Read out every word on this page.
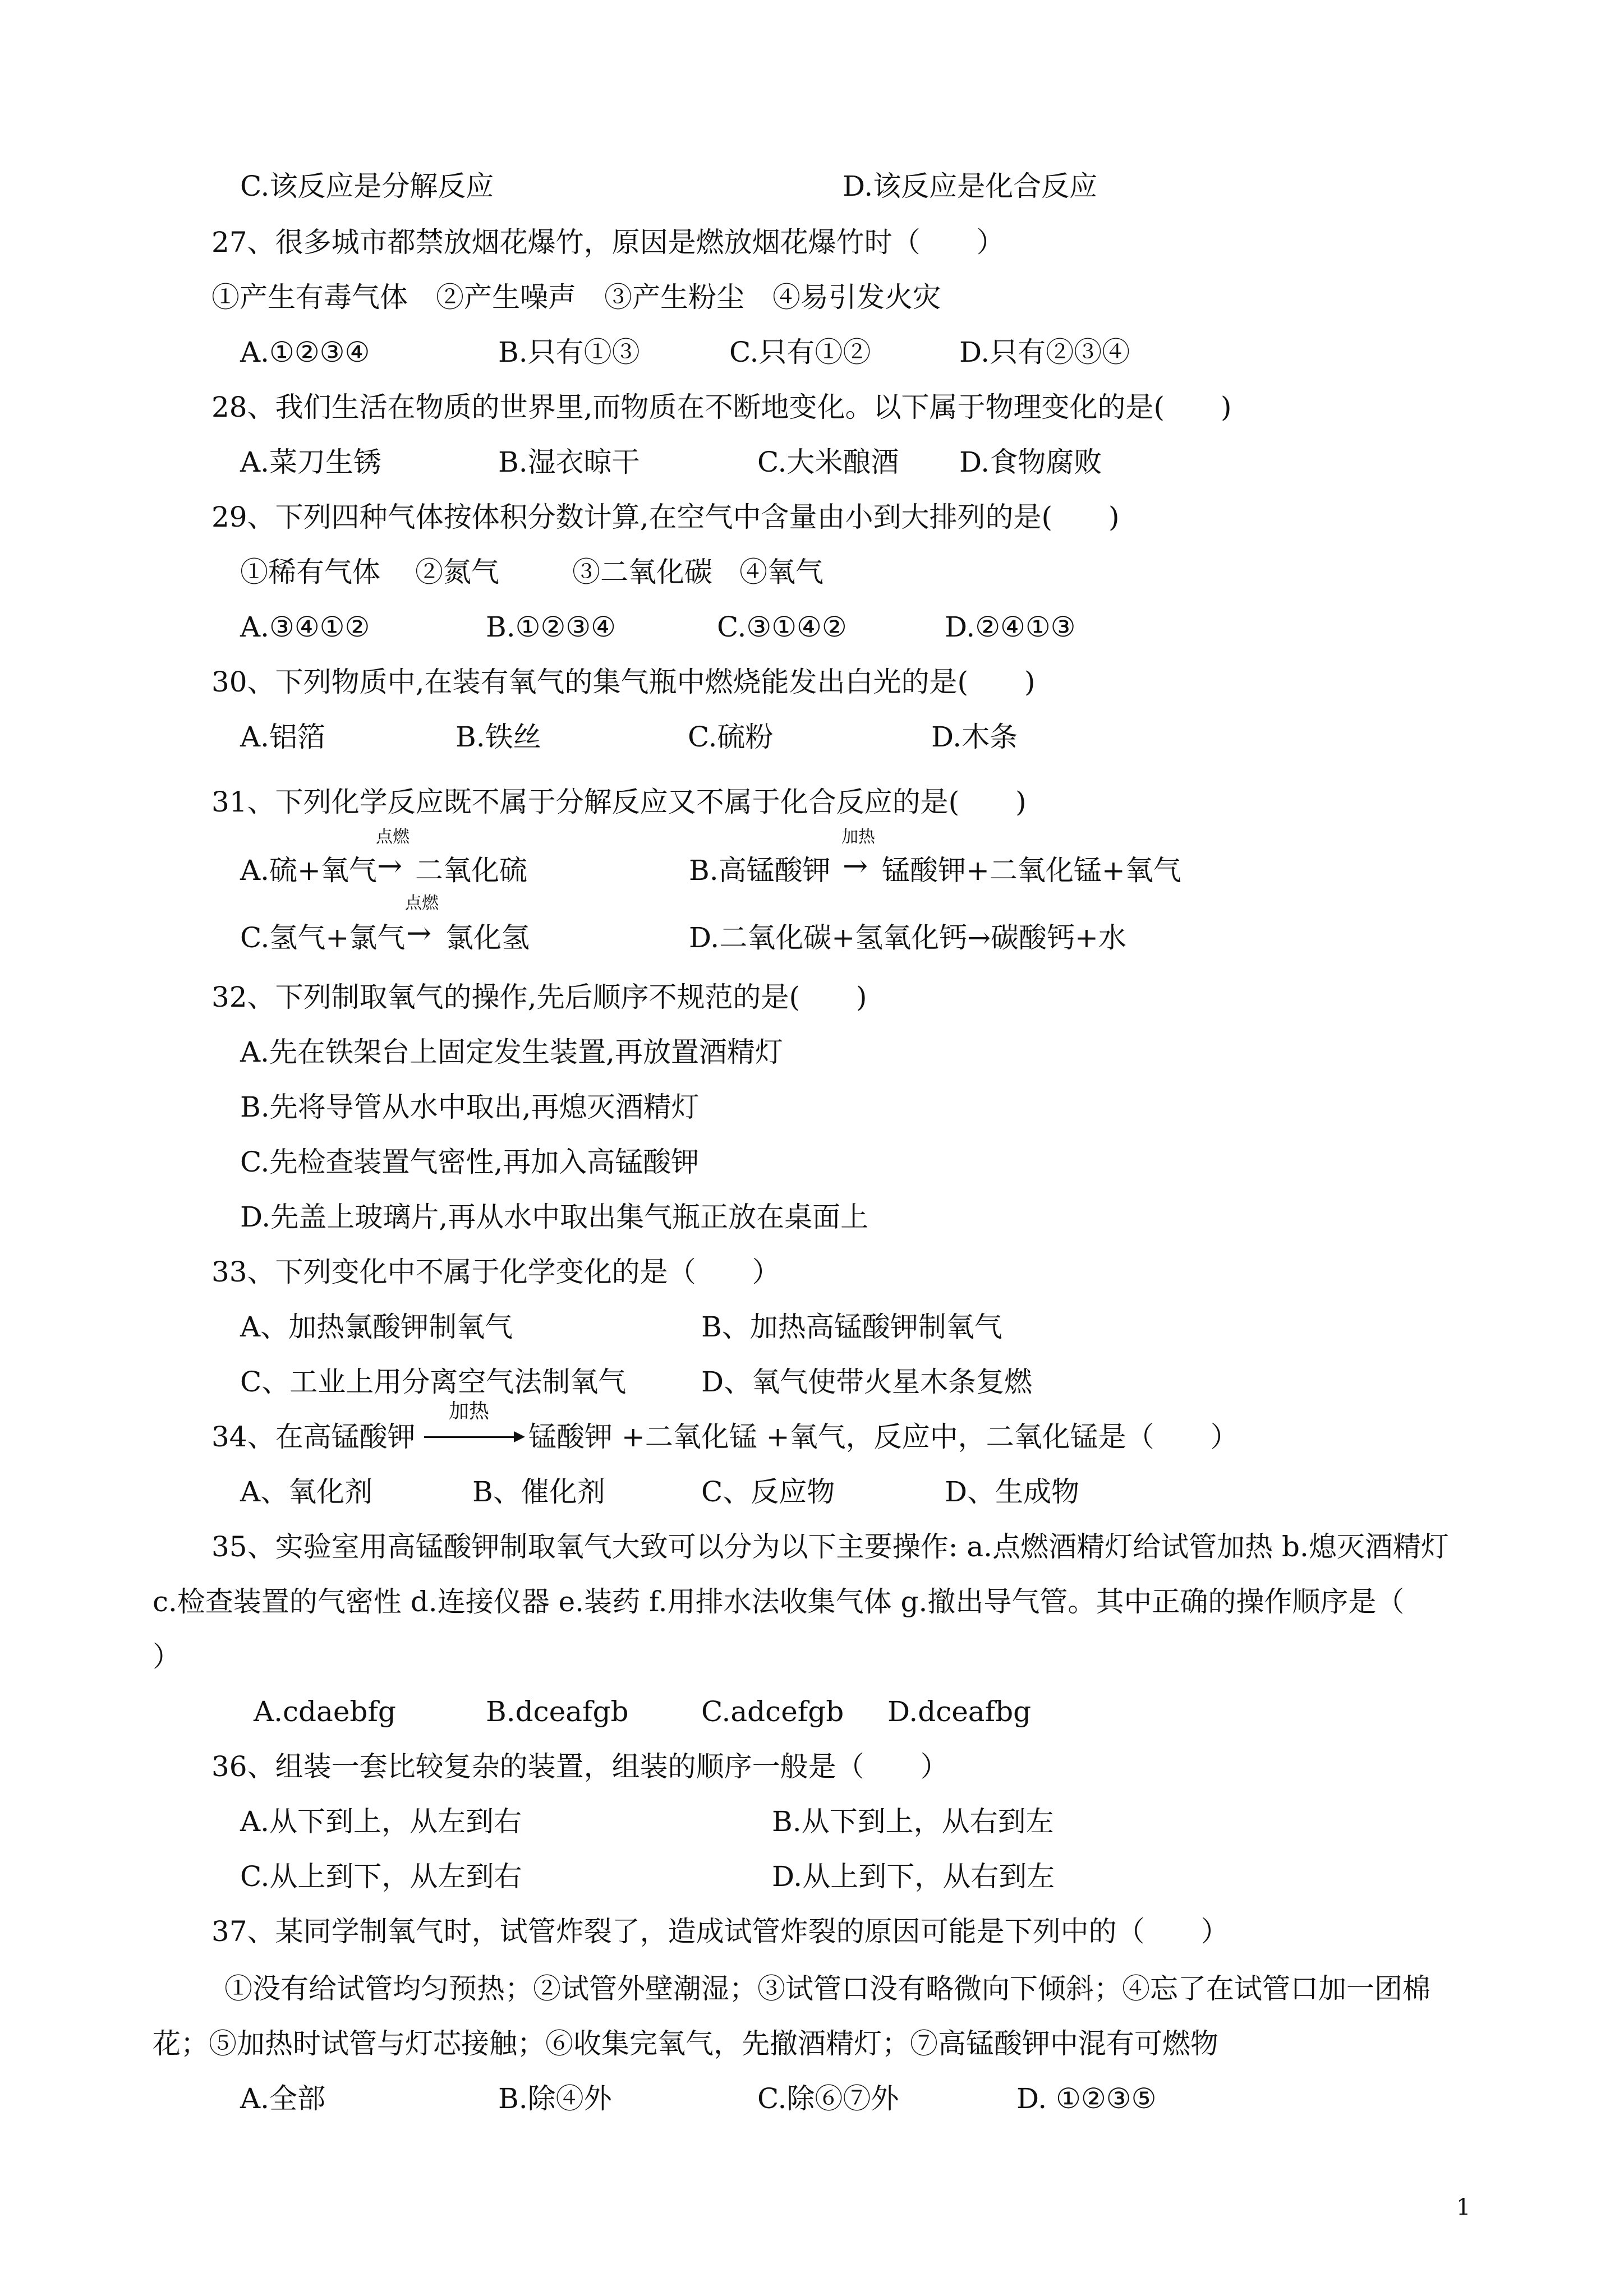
C.该反应是分解反应	D.该反应是化合反应
27、很多城市都禁放烟花爆竹，原因是燃放烟花爆竹时（　　）
①产生有毒气体　②产生噪声　③产生粉尘　④易引发火灾
A.①②③④	B.只有①③	C.只有①②	D.只有②③④
28、我们生活在物质的世界里,而物质在不断地变化。以下属于物理变化的是(　　)
A.菜刀生锈	B.湿衣晾干	C.大米酿酒 D.食物腐败
29、下列四种气体按体积分数计算,在空气中含量由小到大排列的是(　　)
①稀有气体 ②氮气	③二氧化碳 ④氧气
A.③④①②	B.①②③④	C.③①④②	D.②④①③
30、下列物质中,在装有氧气的集气瓶中燃烧能发出白光的是(　　)
A.铝箔	B.铁丝	C.硫粉	D.木条
31、下列化学反应既不属于分解反应又不属于化合反应的是(　　)
A.硫+氧气
点燃
→ 二氧化硫	B.高锰酸钾
加热
→ 锰酸钾+二氧化锰+氧气
C.氢气+氯气
点燃
→ 氯化氢	D.二氧化碳+氢氧化钙→碳酸钙+水
32、下列制取氧气的操作,先后顺序不规范的是(　　)
A.先在铁架台上固定发生装置,再放置酒精灯
B.先将导管从水中取出,再熄灭酒精灯
C.先检查装置气密性,再加入高锰酸钾
D.先盖上玻璃片,再从水中取出集气瓶正放在桌面上
33、下列变化中不属于化学变化的是（　　）
A、加热氯酸钾制氧气	B、加热高锰酸钾制氧气
C、工业上用分离空气法制氧气	D、氧气使带火星木条复燃
34、在高锰酸钾
加热
锰酸钾 +二氧化锰 +氧气，反应中，二氧化锰是（　　）
A、氧化剂	B、催化剂	C、反应物	D、生成物
35、实验室用高锰酸钾制取氧气大致可以分为以下主要操作: a.点燃酒精灯给试管加热 b.熄灭酒精灯
c.检查装置的气密性 d.连接仪器 e.装药 f.用排水法收集气体 g.撤出导气管。其中正确的操作顺序是（
）
A.cdaebfg	B.dceafgb	C.adcefgb D.dceafbg
36、组装一套比较复杂的装置，组装的顺序一般是（　　）
A.从下到上，从左到右	B.从下到上，从右到左
C.从上到下，从左到右	D.从上到下，从右到左
37、某同学制氧气时，试管炸裂了，造成试管炸裂的原因可能是下列中的（　　）
①没有给试管均匀预热；②试管外壁潮湿；③试管口没有略微向下倾斜；④忘了在试管口加一团棉
花；⑤加热时试管与灯芯接触；⑥收集完氧气，先撤酒精灯；⑦高锰酸钾中混有可燃物
A.全部	B.除④外	C.除⑥⑦外	D. ①②③⑤
1
